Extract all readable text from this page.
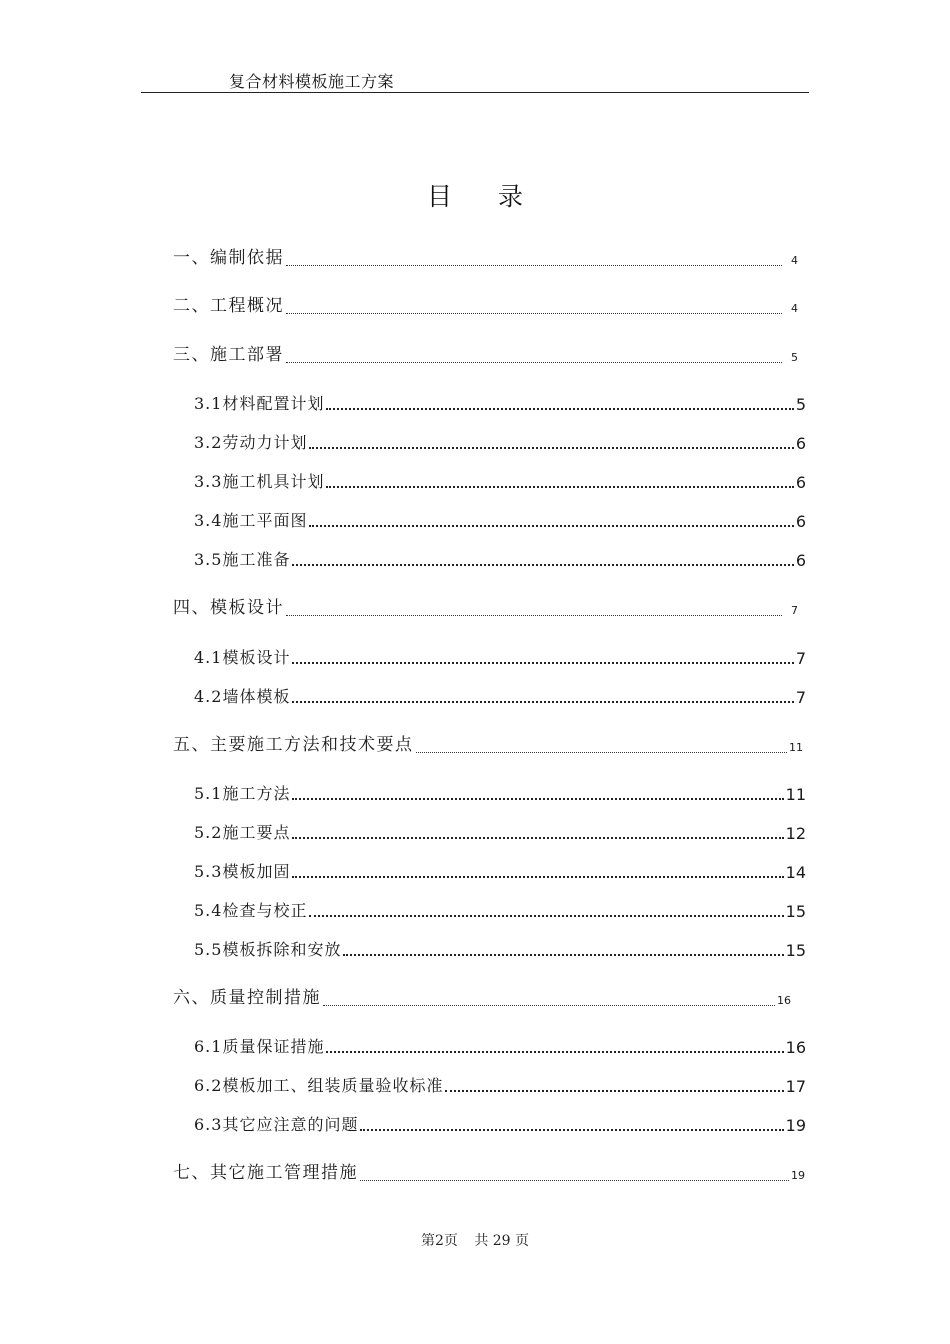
复合材料模板施工方案
目录
一、编制依据	4
二、工程概况	4
三、施工部署	5
3.1材料配置计划	5
3.2劳动力计划	6
3.3施工机具计划	6
3.4施工平面图	6
3.5施工准备	6
四、模板设计	7
4.1模板设计	7
4.2墙体模板	7
五、主要施工方法和技术要点	11
5.1施工方法	11
5.2施工要点	12
5.3模板加固	14
5.4检查与校正	15
5.5模板拆除和安放	15
六、质量控制措施	16
6.1质量保证措施	16
6.2模板加工、组装质量验收标准	17
6.3其它应注意的问题	19
七、其它施工管理措施	19
第2页 共 29 页
